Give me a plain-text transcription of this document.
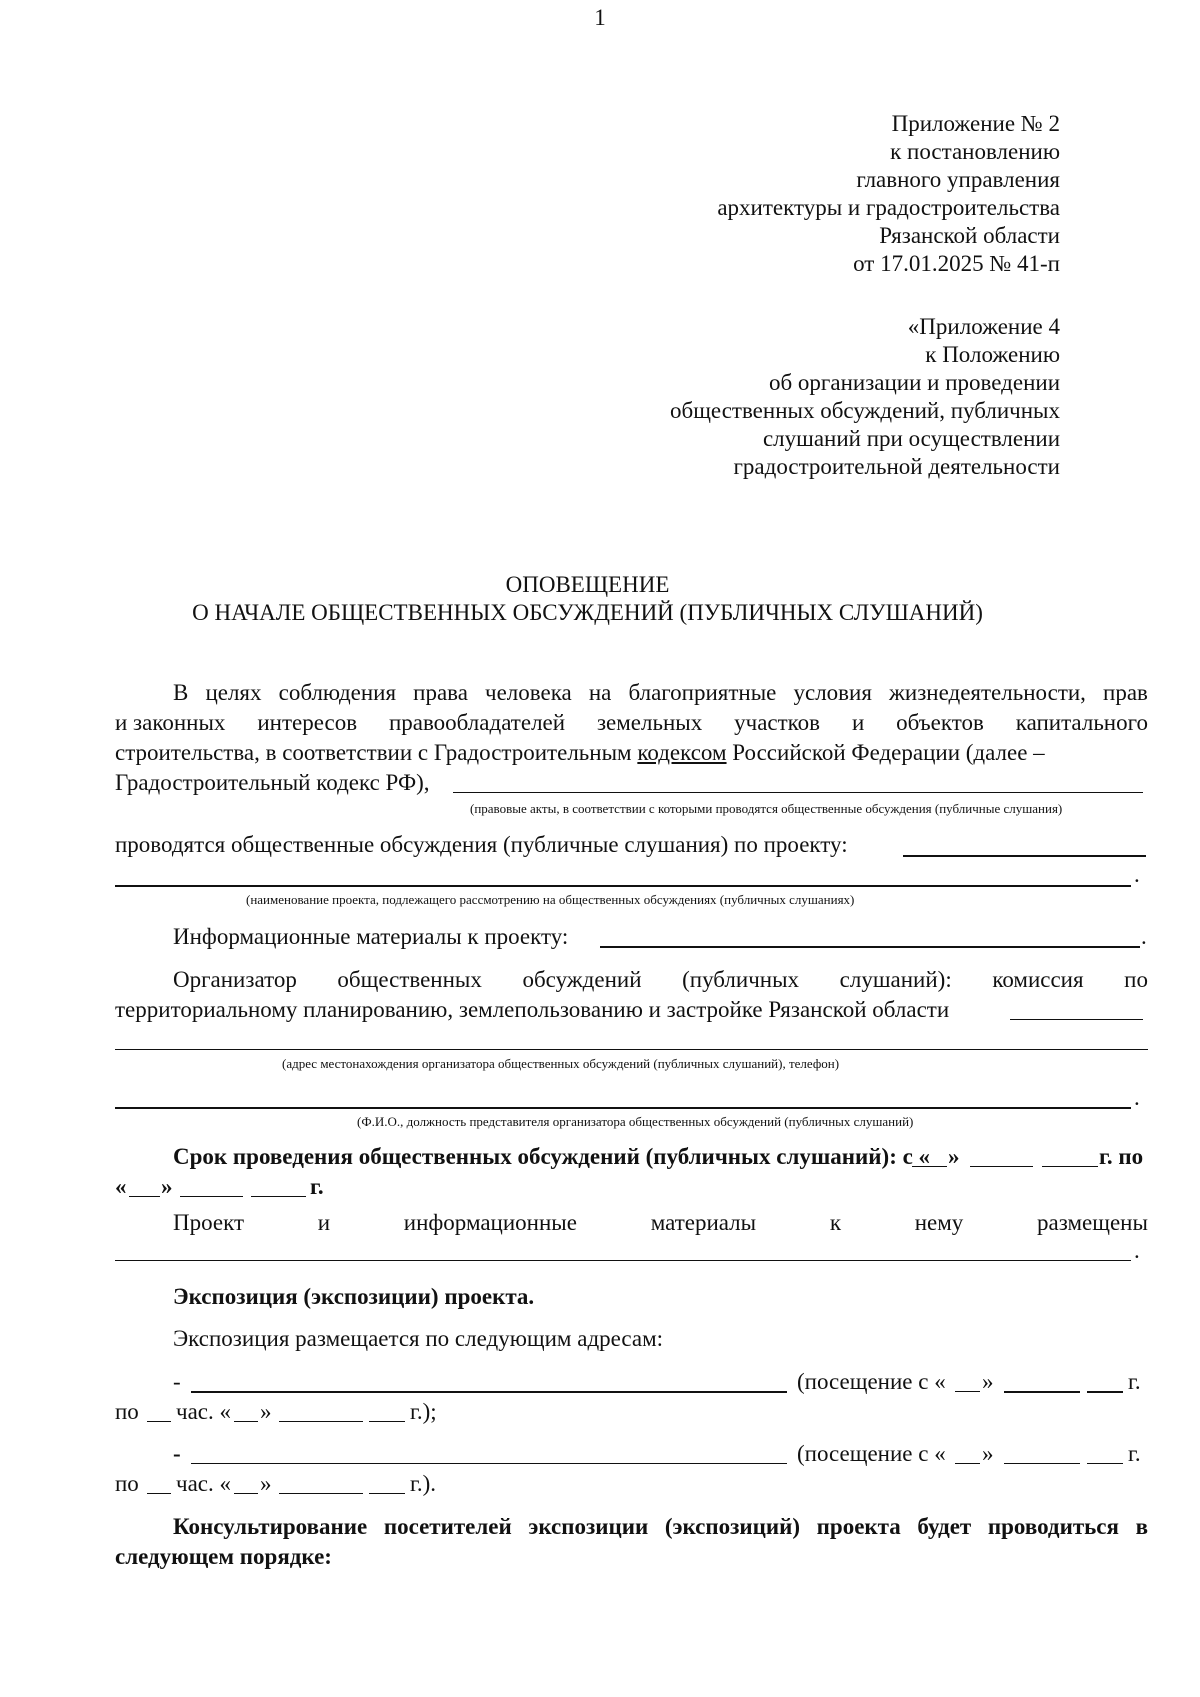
1
Приложение № 2
к постановлению
главного управления
архитектуры и градостроительства
Рязанской области
от 17.01.2025 № 41-п
«Приложение 4
к Положению
об организации и проведении
общественных обсуждений, публичных
слушаний при осуществлении
градостроительной деятельности
ОПОВЕЩЕНИЕ
О НАЧАЛЕ ОБЩЕСТВЕННЫХ ОБСУЖДЕНИЙ (ПУБЛИЧНЫХ СЛУШАНИЙ)
В целях соблюдения права человека на благоприятные условия жизнедеятельности, прав
и законных интересов правообладателей земельных участков и объектов капитального
строительства, в соответствии с Градостроительным кодексом Российской Федерации (далее –
Градостроительный кодекс РФ),
(правовые акты, в соответствии с которыми проводятся общественные обсуждения (публичные слушания)
проводятся общественные обсуждения (публичные слушания) по проекту:
.
(наименование проекта, подлежащего рассмотрению на общественных обсуждениях (публичных слушаниях)
Информационные материалы к проекту:	.
Организатор общественных обсуждений (публичных слушаний): комиссия по
территориальному планированию, землепользованию и застройке Рязанской области
(адрес местонахождения организатора общественных обсуждений (публичных слушаний), телефон)
.
(Ф.И.О., должность представителя организатора общественных обсуждений (публичных слушаний)
Срок проведения общественных обсуждений (публичных слушаний): с « »	г. по
« »	г.
Проект	и	информационные	материалы	к	нему	размещены
.
Экспозиция (экспозиции) проекта.
Экспозиция размещается по следующим адресам:
-	(посещение с « »	г.
по час. « »	г.);
-	(посещение с « »	г.
по час. « »	г.).
Консультирование посетителей экспозиции (экспозиций) проекта будет проводиться в
следующем порядке:
